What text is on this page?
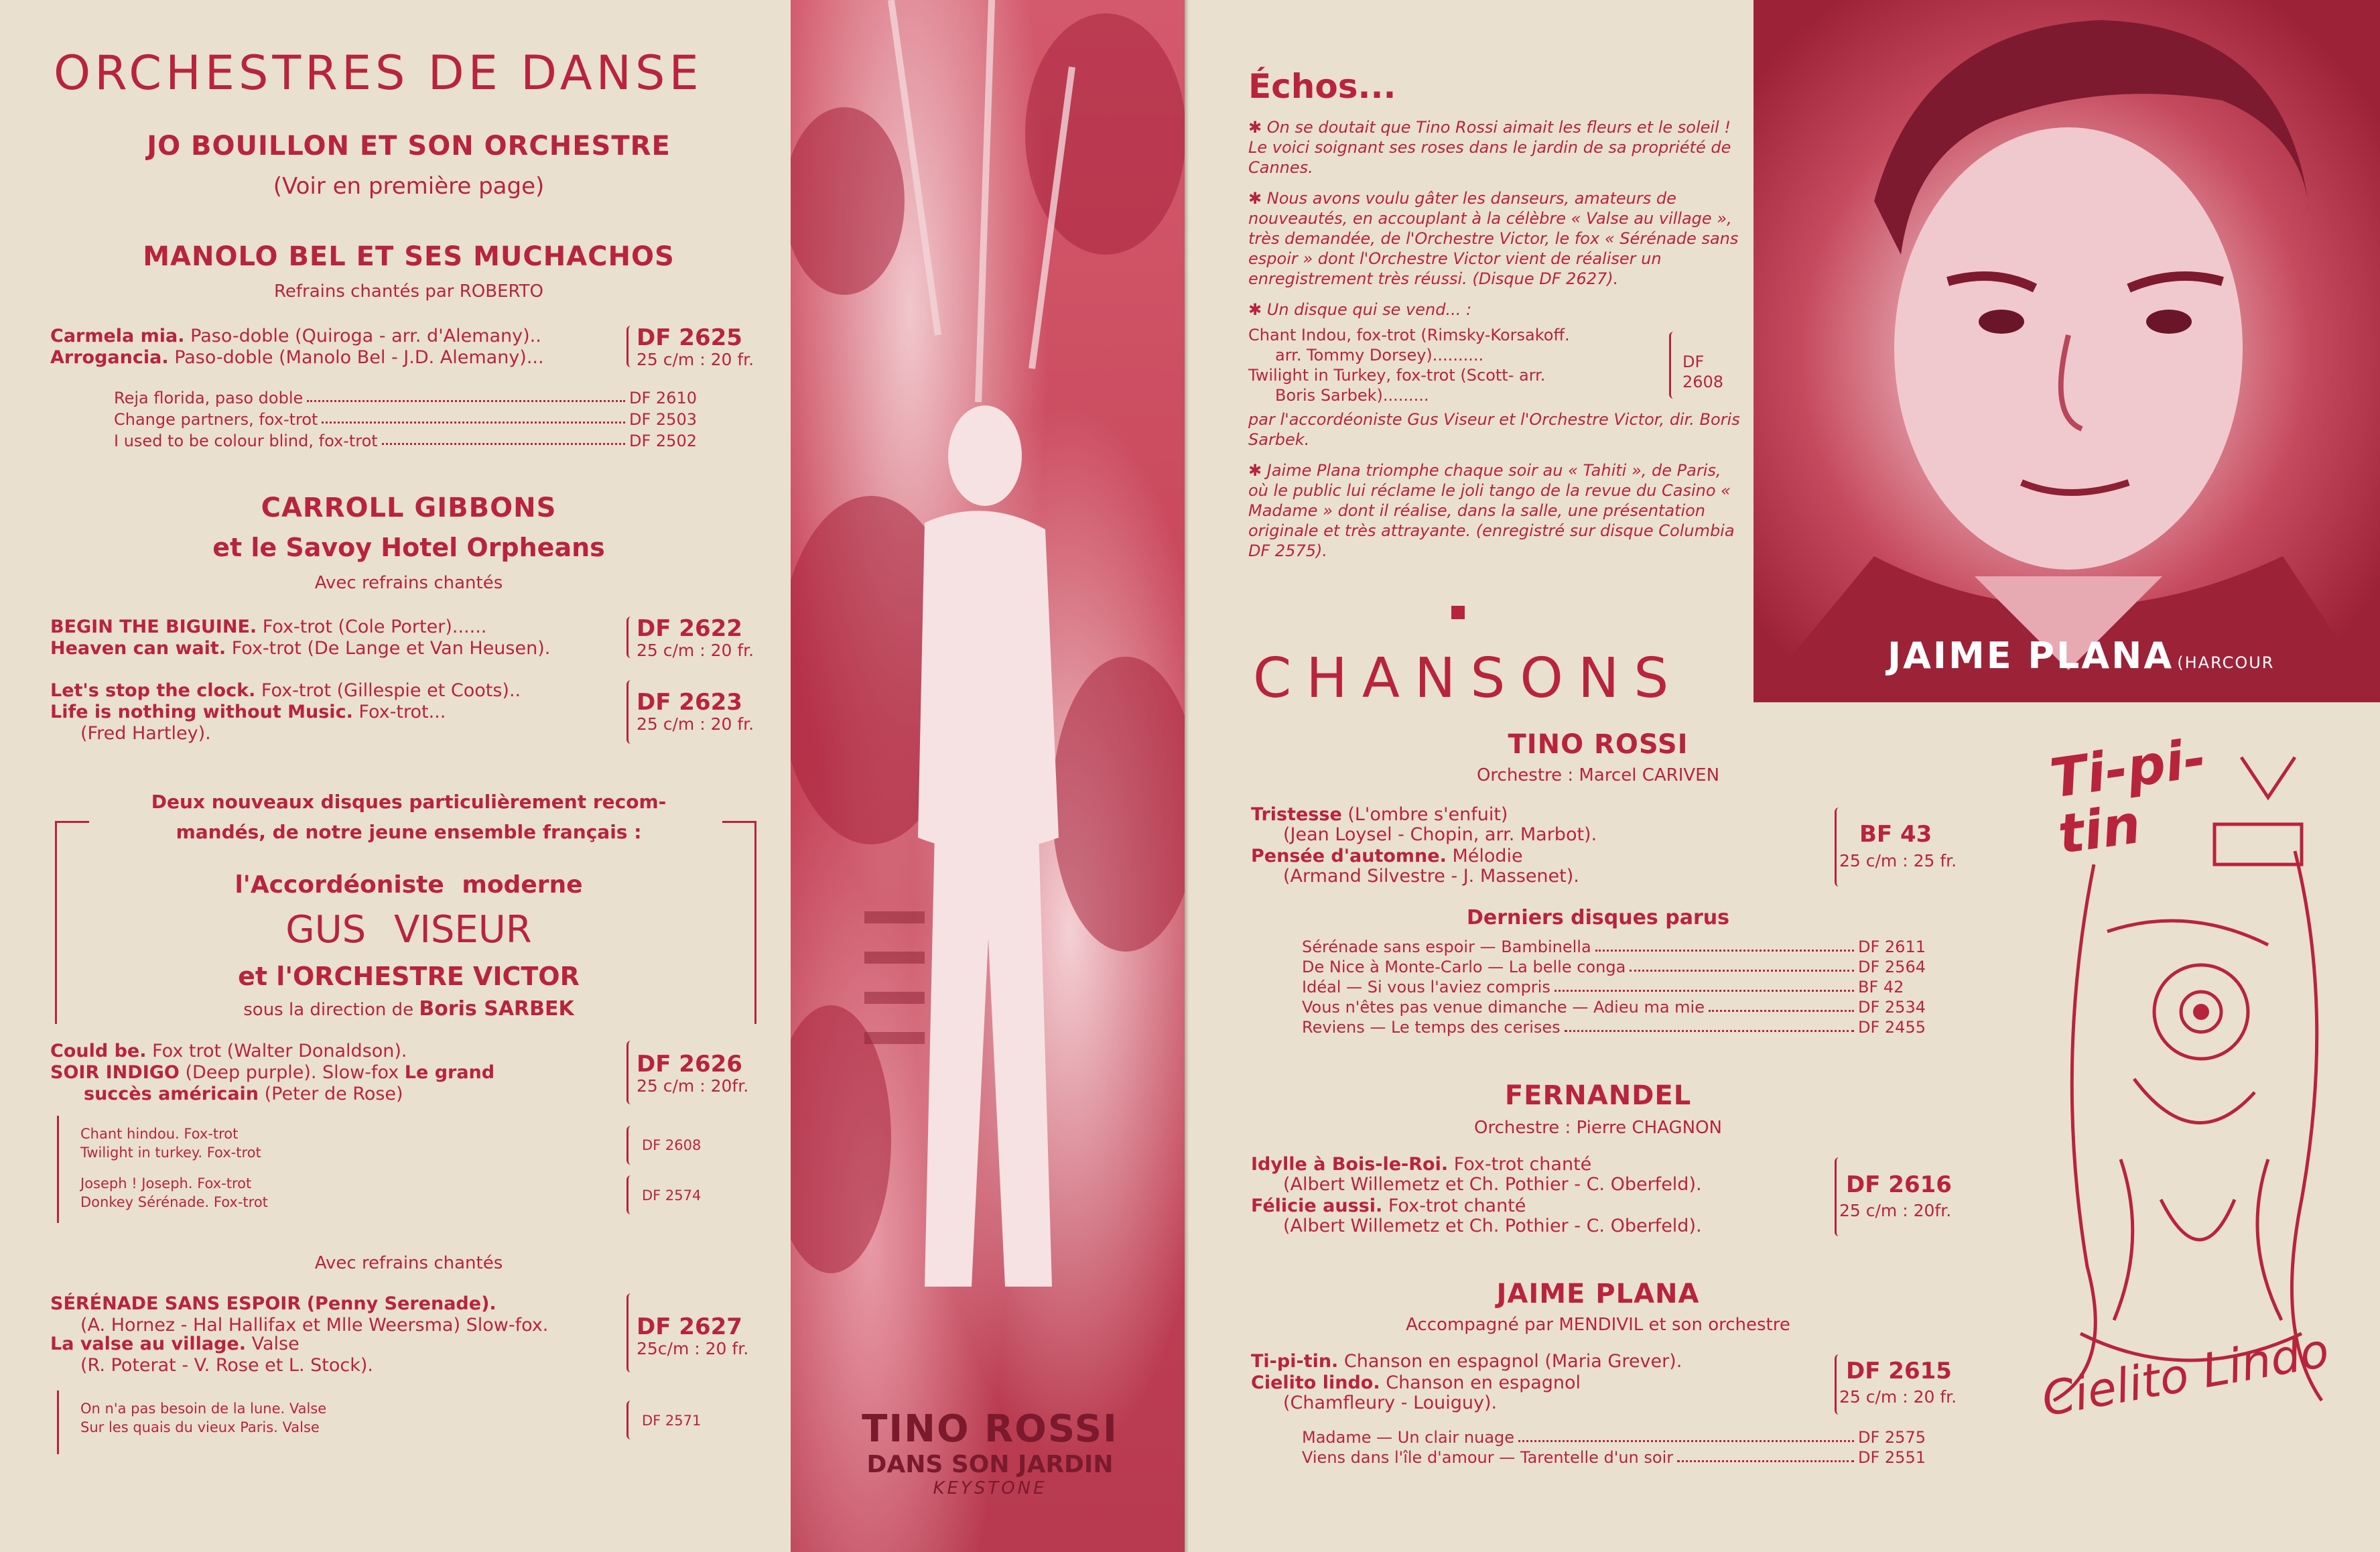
ORCHESTRES DE DANSE
JO BOUILLON ET SON ORCHESTRE
(Voir en première page)
MANOLO BEL ET SES MUCHACHOS
Refrains chantés par ROBERTO
Carmela mia. Paso-doble (Quiroga - arr. d'Alemany)..
Arrogancia. Paso-doble (Manolo Bel - J.D. Alemany)...
DF 2625
25 c/m : 20 fr.
Reja florida, paso doble	DF 2610
Change partners, fox-trot	DF 2503
I used to be colour blind, fox-trot	DF 2502
CARROLL GIBBONS
et le Savoy Hotel Orpheans
Avec refrains chantés
BEGIN THE BIGUINE. Fox-trot (Cole Porter)......
Heaven can wait. Fox-trot (De Lange et Van Heusen).
DF 2622
25 c/m : 20 fr.
Let's stop the clock. Fox-trot (Gillespie et Coots)..
Life is nothing without Music. Fox-trot...
(Fred Hartley).
DF 2623
25 c/m : 20 fr.
Deux nouveaux disques particulièrement recom-
mandés, de notre jeune ensemble français :
l'Accordéoniste moderne
GUS VISEUR
et l'ORCHESTRE VICTOR
sous la direction de Boris SARBEK
Could be. Fox trot (Walter Donaldson).
SOIR INDIGO (Deep purple). Slow-fox Le grand
succès américain (Peter de Rose)
DF 2626
25 c/m : 20fr.
Chant hindou. Fox-trot
Twilight in turkey. Fox-trot	DF 2608
Joseph ! Joseph. Fox-trot
Donkey Sérénade. Fox-trot	DF 2574
Avec refrains chantés
SÉRÉNADE SANS ESPOIR (Penny Serenade).
(A. Hornez - Hal Hallifax et Mlle Weersma) Slow-fox.
La valse au village. Valse
(R. Poterat - V. Rose et L. Stock).
DF 2627
25c/m : 20 fr.
On n'a pas besoin de la lune. Valse
Sur les quais du vieux Paris. Valse	DF 2571	TINO ROSSI
DANS SON JARDIN
KEYSTONE
Échos...
✱ On se doutait que Tino Rossi aimait les fleurs et le soleil ! Le voici soignant ses roses dans le jardin de sa propriété de Cannes.
✱ Nous avons voulu gâter les danseurs, amateurs de nouveautés, en accouplant à la célèbre « Valse au village », très demandée, de l'Orchestre Victor, le fox « Sérénade sans espoir » dont l'Orchestre Victor vient de réaliser un enregistrement très réussi. (Disque DF 2627).
✱ Un disque qui se vend... :
Chant Indou, fox-trot (Rimsky-Korsakoff.
arr. Tommy Dorsey)..........
Twilight in Turkey, fox-trot (Scott- arr.
Boris Sarbek).........
DF 2608
par l'accordéoniste Gus Viseur et l'Orchestre Victor, dir. Boris Sarbek.
✱ Jaime Plana triomphe chaque soir au « Tahiti », de Paris, où le public lui réclame le joli tango de la revue du Casino « Madame » dont il réalise, dans la salle, une présentation originale et très attrayante. (enregistré sur disque Columbia DF 2575).
JAIME PLANA (HARCOUR
CHANSONS
TINO ROSSI
Orchestre : Marcel CARIVEN
Tristesse (L'ombre s'enfuit)
(Jean Loysel - Chopin, arr. Marbot).
Pensée d'automne. Mélodie
(Armand Silvestre - J. Massenet).
BF 43
25 c/m : 25 fr.
Derniers disques parus
Sérénade sans espoir — Bambinella	DF 2611
De Nice à Monte-Carlo — La belle conga	DF 2564
Idéal — Si vous l'aviez compris	BF 42
Vous n'êtes pas venue dimanche — Adieu ma mie	DF 2534
Reviens — Le temps des cerises	DF 2455
FERNANDEL
Orchestre : Pierre CHAGNON
Idylle à Bois-le-Roi. Fox-trot chanté
(Albert Willemetz et Ch. Pothier - C. Oberfeld).
Félicie aussi. Fox-trot chanté
(Albert Willemetz et Ch. Pothier - C. Oberfeld).
DF 2616
25 c/m : 20fr.
JAIME PLANA
Accompagné par MENDIVIL et son orchestre
Ti-pi-tin. Chanson en espagnol (Maria Grever).
Cielito lindo. Chanson en espagnol
(Chamfleury - Louiguy).
DF 2615
25 c/m : 20 fr.
Madame — Un clair nuage	DF 2575
Viens dans l'île d'amour — Tarentelle d'un soir	DF 2551
Ti-pi-tin
Cielito Lindo
